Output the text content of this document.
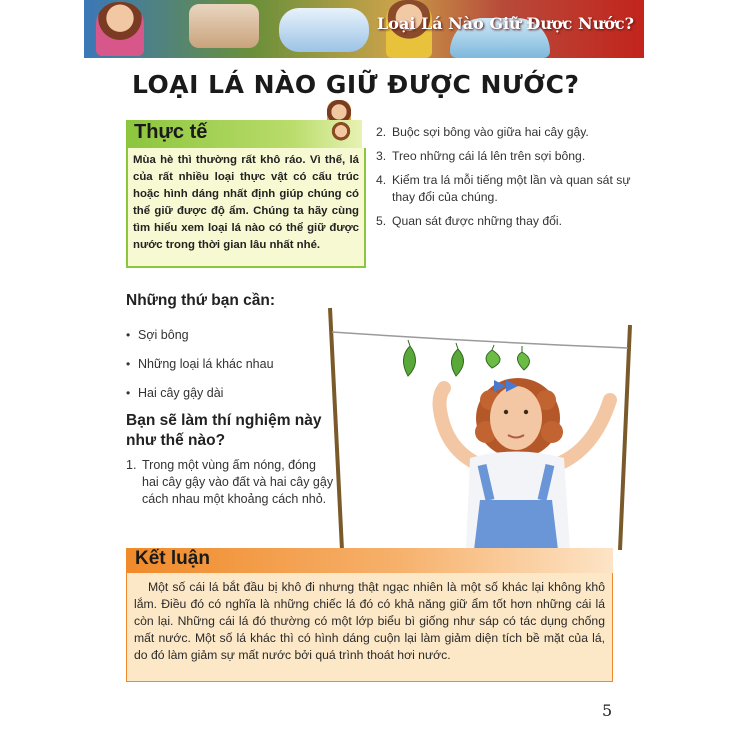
Loại Lá Nào Giữ Được Nước?
LOẠI LÁ NÀO GIỮ ĐƯỢC NƯỚC?
Thực tế
Mùa hè thì thường rất khô ráo. Vì thế, lá của rất nhiều loại thực vật có cấu trúc hoặc hình dáng nhất định giúp chúng có thể giữ được độ ẩm. Chúng ta hãy cùng tìm hiểu xem loại lá nào có thể giữ được nước trong thời gian lâu nhất nhé.
2. Buộc sợi bông vào giữa hai cây gậy.
3. Treo những cái lá lên trên sợi bông.
4. Kiểm tra lá mỗi tiếng một lần và quan sát sự thay đổi của chúng.
5. Quan sát được những thay đổi.
Những thứ bạn cần:
• Sợi bông
• Những loại lá khác nhau
• Hai cây gậy dài
Bạn sẽ làm thí nghiệm này như thế nào?
1. Trong một vùng ấm nóng, đóng hai cây gậy vào đất và hai cây gậy cách nhau một khoảng cách nhỏ.
Kết luận
Một số cái lá bắt đầu bị khô đi nhưng thật ngạc nhiên là một số khác lại không khô lắm. Điều đó có nghĩa là những chiếc lá đó có khả năng giữ ẩm tốt hơn những cái lá còn lại. Những cái lá đó thường có một lớp biểu bì giống như sáp có tác dụng chống mất nước. Một số lá khác thì có hình dáng cuộn lại làm giảm diện tích bề mặt của lá, do đó làm giảm sự mất nước bởi quá trình thoát hơi nước.
5
